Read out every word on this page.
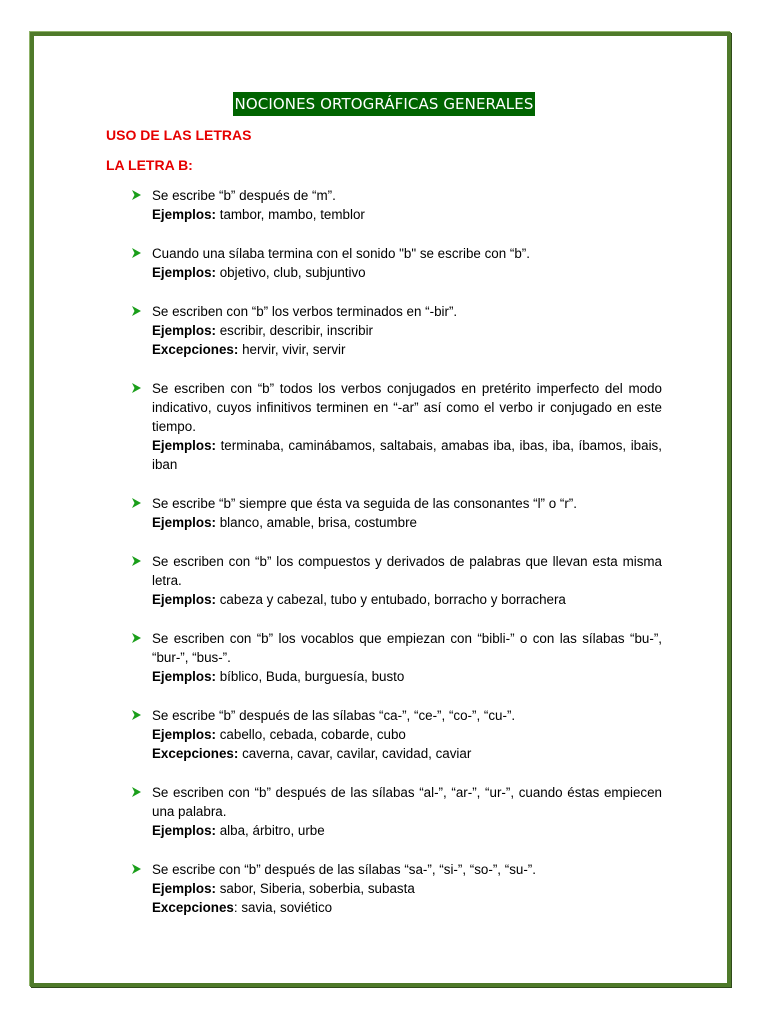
NOCIONES ORTOGRÁFICAS GENERALES
USO DE LAS LETRAS
LA LETRA B:
Se escribe “b” después de “m”.
Ejemplos: tambor, mambo, temblor
Cuando una sílaba termina con el sonido "b" se escribe con “b”.
Ejemplos: objetivo, club, subjuntivo
Se escriben con “b” los verbos terminados en “-bir”.
Ejemplos: escribir, describir, inscribir
Excepciones: hervir, vivir, servir
Se escriben con “b” todos los verbos conjugados en pretérito imperfecto del modo indicativo, cuyos infinitivos terminen en “-ar” así como el verbo ir conjugado en este tiempo.
Ejemplos: terminaba, caminábamos, saltabais, amabas iba, ibas, iba, íbamos, ibais, iban
Se escribe “b” siempre que ésta va seguida de las consonantes “l” o “r”.
Ejemplos: blanco, amable, brisa, costumbre
Se escriben con “b” los compuestos y derivados de palabras que llevan esta misma letra.
Ejemplos: cabeza y cabezal, tubo y entubado, borracho y borrachera
Se escriben con “b” los vocablos que empiezan con “bibli-” o con las sílabas “bu-”, “bur-”, “bus-”.
Ejemplos: bíblico, Buda, burguesía, busto
Se escribe “b” después de las sílabas “ca-”, “ce-”, “co-”, “cu-”.
Ejemplos: cabello, cebada, cobarde, cubo
Excepciones: caverna, cavar, cavilar, cavidad, caviar
Se escriben con “b” después de las sílabas “al-”, “ar-”, “ur-”, cuando éstas empiecen una palabra.
Ejemplos: alba, árbitro, urbe
Se escribe con “b” después de las sílabas “sa-”, “si-”, “so-”, “su-”.
Ejemplos: sabor, Siberia, soberbia, subasta
Excepciones: savia, soviético
